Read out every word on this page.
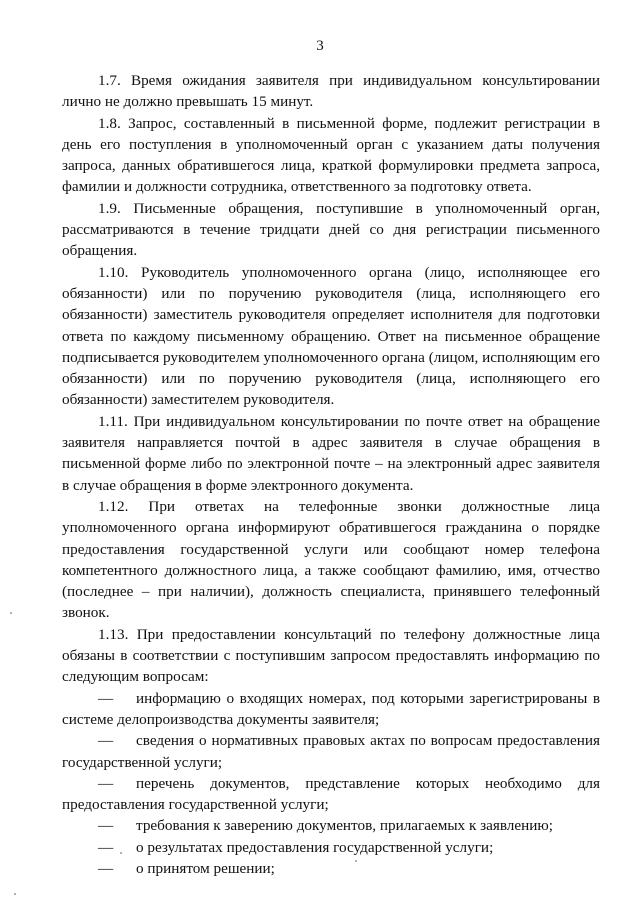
3

1.7. Время ожидания заявителя при индивидуальном консультировании лично не должно превышать 15 минут.

1.8. Запрос, составленный в письменной форме, подлежит регистрации в день его поступления в уполномоченный орган с указанием даты получения запроса, данных обратившегося лица, краткой формулировки предмета запроса, фамилии и должности сотрудника, ответственного за подготовку ответа.

1.9. Письменные обращения, поступившие в уполномоченный орган, рассматриваются в течение тридцати дней со дня регистрации письменного обращения.

1.10. Руководитель уполномоченного органа (лицо, исполняющее его обязанности) или по поручению руководителя (лица, исполняющего его обязанности) заместитель руководителя определяет исполнителя для подготовки ответа по каждому письменному обращению. Ответ на письменное обращение подписывается руководителем уполномоченного органа (лицом, исполняющим его обязанности) или по поручению руководителя (лица, исполняющего его обязанности) заместителем руководителя.

1.11. При индивидуальном консультировании по почте ответ на обращение заявителя направляется почтой в адрес заявителя в случае обращения в письменной форме либо по электронной почте – на электронный адрес заявителя в случае обращения в форме электронного документа.

1.12. При ответах на телефонные звонки должностные лица уполномоченного органа информируют обратившегося гражданина о порядке предоставления государственной услуги или сообщают номер телефона компетентного должностного лица, а также сообщают фамилию, имя, отчество (последнее – при наличии), должность специалиста, принявшего телефонный звонок.

1.13. При предоставлении консультаций по телефону должностные лица обязаны в соответствии с поступившим запросом предоставлять информацию по следующим вопросам:

— информацию о входящих номерах, под которыми зарегистрированы в системе делопроизводства документы заявителя;

— сведения о нормативных правовых актах по вопросам предоставления государственной услуги;

— перечень документов, представление которых необходимо для предоставления государственной услуги;

— требования к заверению документов, прилагаемых к заявлению;

— о результатах предоставления государственной услуги;

— о принятом решении;
